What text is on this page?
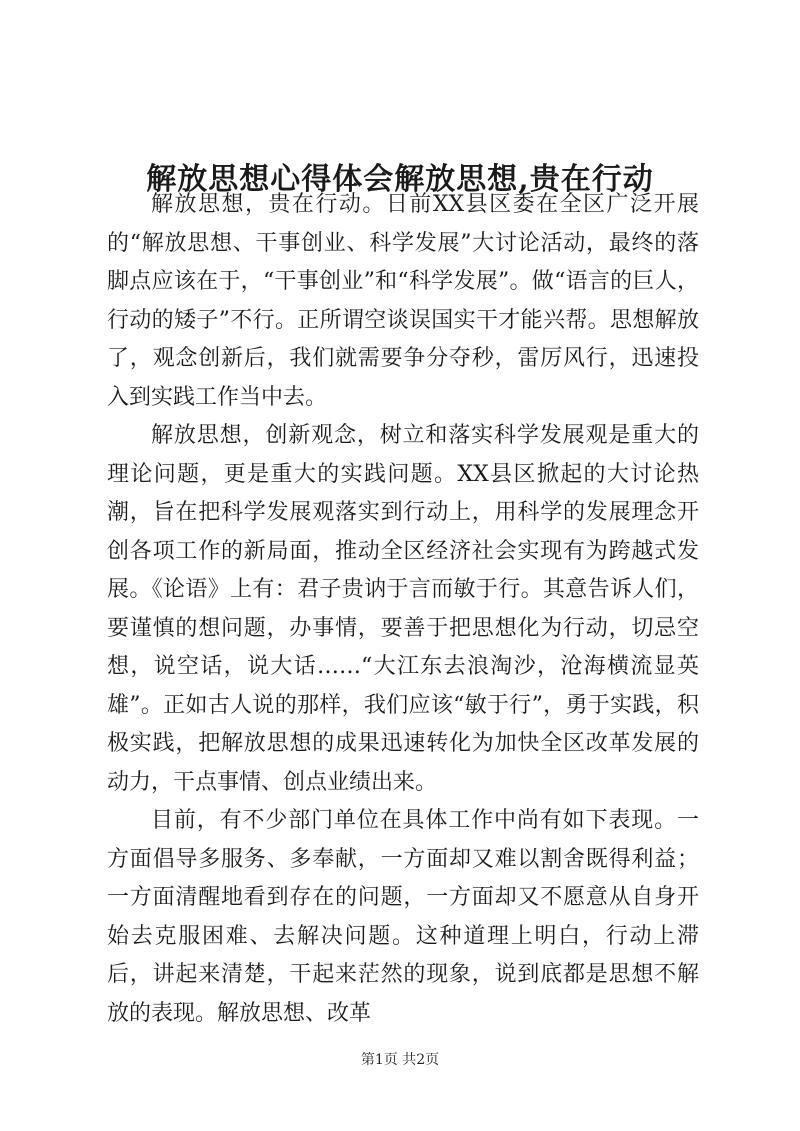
解放思想心得体会解放思想,贵在行动

解放思想，贵在行动。日前XX县区委在全区广泛开展的“解放思想、干事创业、科学发展”大讨论活动，最终的落脚点应该在于，“干事创业”和“科学发展”。做“语言的巨人，行动的矮子”不行。正所谓空谈误国实干才能兴帮。思想解放了，观念创新后，我们就需要争分夺秒，雷厉风行，迅速投入到实践工作当中去。

解放思想，创新观念，树立和落实科学发展观是重大的理论问题，更是重大的实践问题。XX县区掀起的大讨论热潮，旨在把科学发展观落实到行动上，用科学的发展理念开创各项工作的新局面，推动全区经济社会实现有为跨越式发展。《论语》上有：君子贵讷于言而敏于行。其意告诉人们，要谨慎的想问题，办事情，要善于把思想化为行动，切忌空想，说空话，说大话……“大江东去浪淘沙，沧海横流显英雄”。正如古人说的那样，我们应该“敏于行”，勇于实践，积极实践，把解放思想的成果迅速转化为加快全区改革发展的动力，干点事情、创点业绩出来。

目前，有不少部门单位在具体工作中尚有如下表现。一方面倡导多服务、多奉献，一方面却又难以割舍既得利益；一方面清醒地看到存在的问题，一方面却又不愿意从自身开始去克服困难、去解决问题。这种道理上明白，行动上滞后，讲起来清楚，干起来茫然的现象，说到底都是思想不解放的表现。解放思想、改革

第1页 共2页
